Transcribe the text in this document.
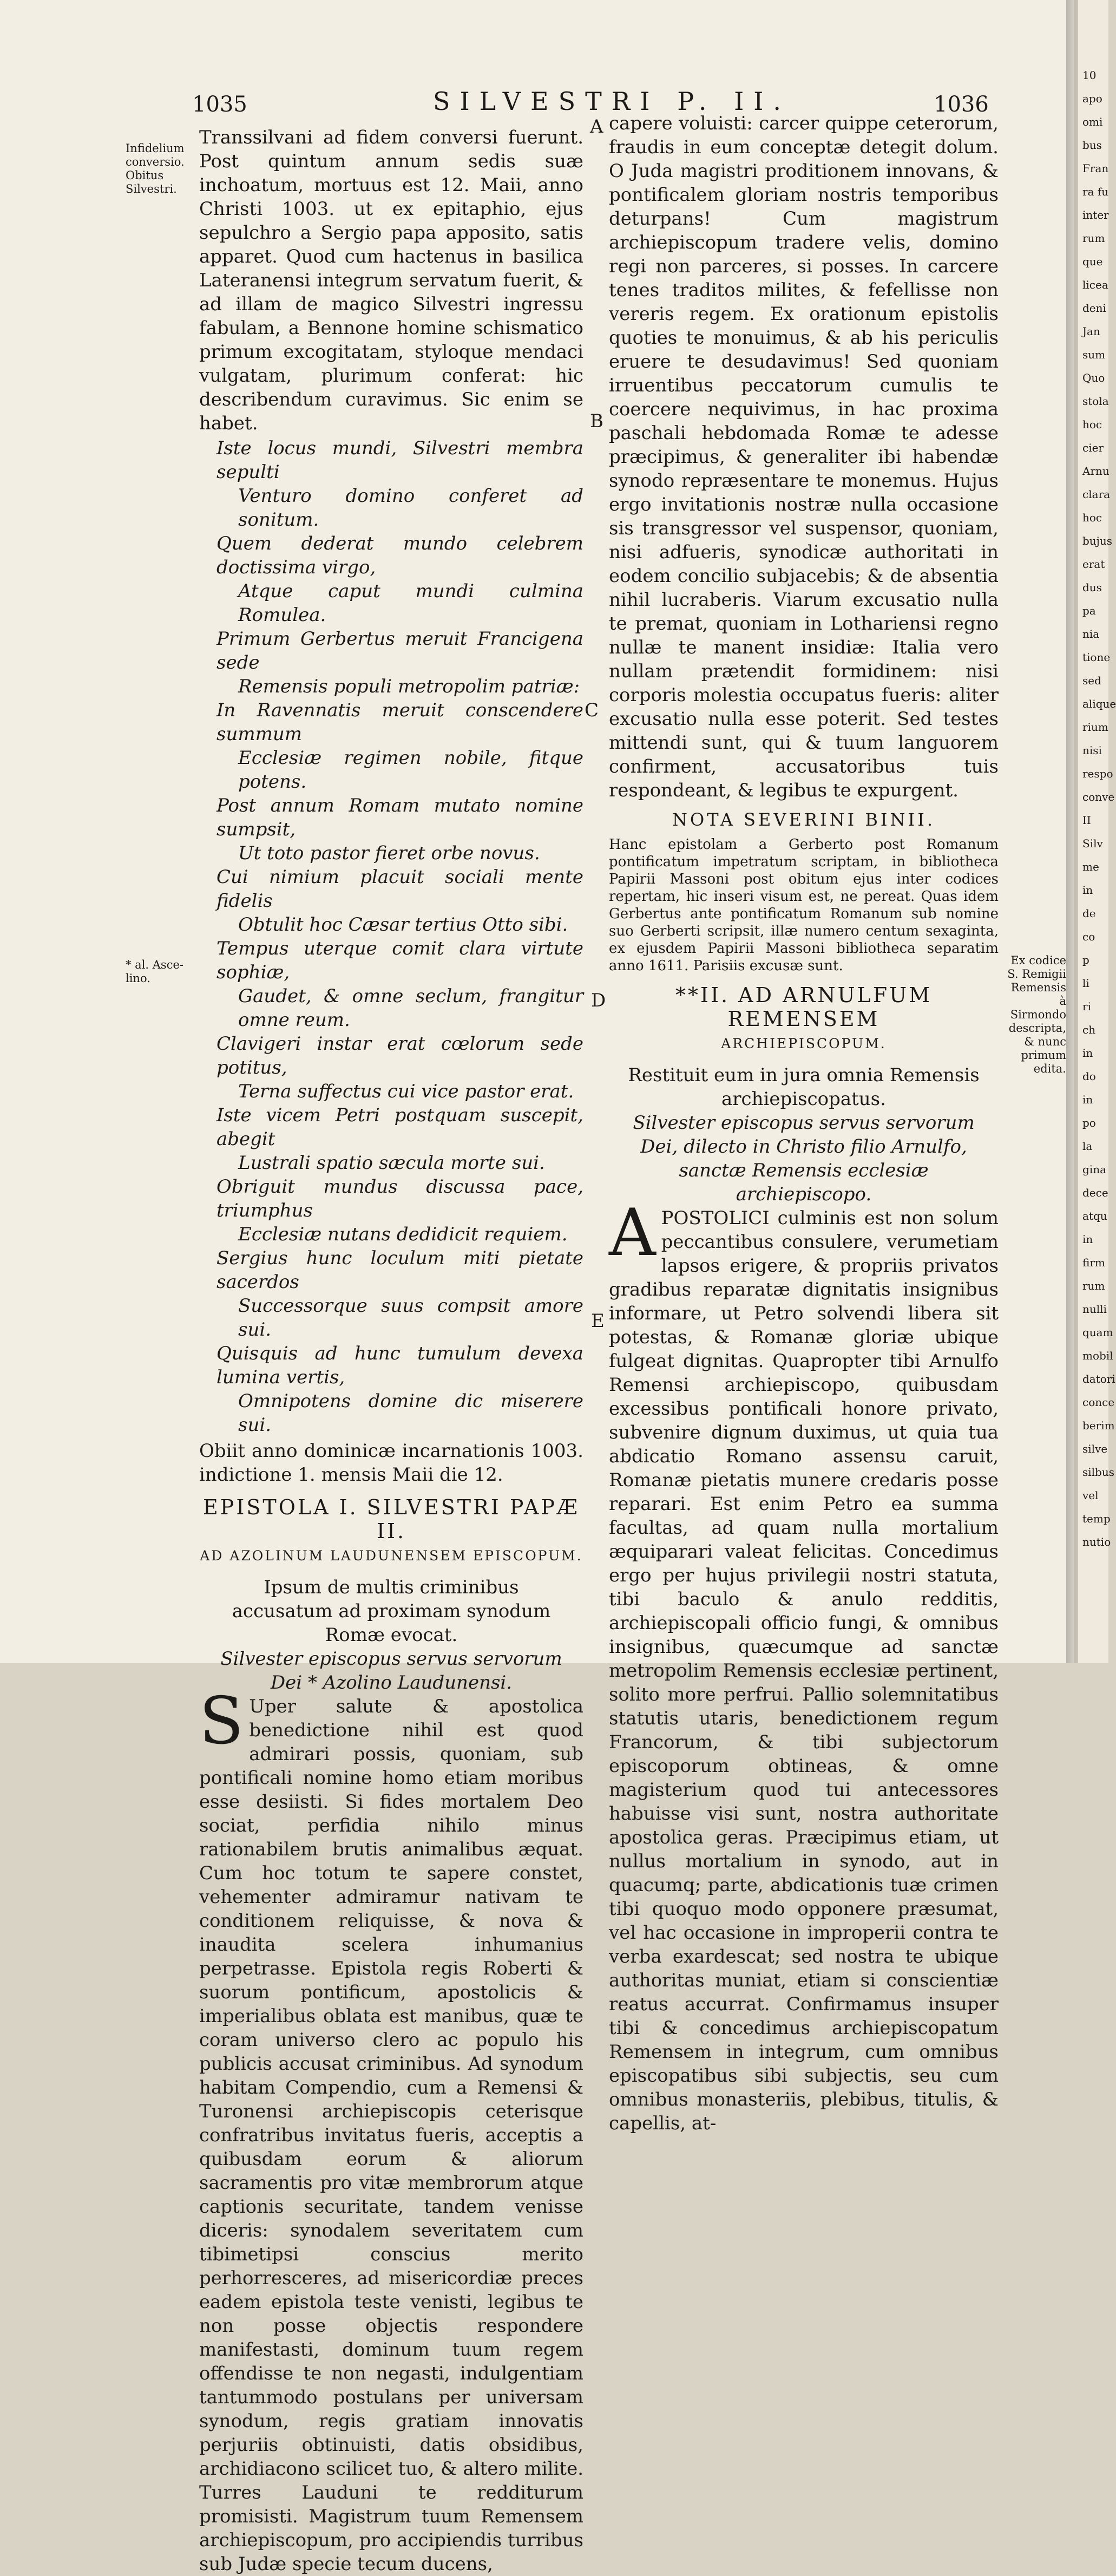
1035	SILVESTRI P. II.	1036
Infidelium conversio. Obitus Silvestri.
* al. Asce-lino.
Ex codice S. Remigii Remensis à Sirmondo descripta, & nunc primum edita.
A
B
C
D
E

Transsilvani ad fidem conversi fuerunt. Post quintum annum sedis suæ inchoatum, mortuus est 12. Maii, anno Christi 1003. ut ex epitaphio, ejus sepulchro a Sergio papa apposito, satis apparet. Quod cum hactenus in basilica Lateranensi integrum servatum fuerit, & ad illam de magico Silvestri ingressu fabulam, a Bennone homine schismatico primum excogitatam, styloque mendaci vulgatam, plurimum conferat: hic describendum curavimus. Sic enim se habet.

Iste locus mundi, Silvestri membra sepulti

Venturo domino conferet ad sonitum.

Quem dederat mundo celebrem doctissima virgo,

Atque caput mundi culmina Romulea.

Primum Gerbertus meruit Francigena sede

Remensis populi metropolim patriæ:

In Ravennatis meruit conscendere summum

Ecclesiæ regimen nobile, fitque potens.

Post annum Romam mutato nomine sumpsit,

Ut toto pastor fieret orbe novus.

Cui nimium placuit sociali mente fidelis

Obtulit hoc Cæsar tertius Otto sibi.

Tempus uterque comit clara virtute sophiæ,

Gaudet, & omne seclum, frangitur omne reum.

Clavigeri instar erat cœlorum sede potitus,

Terna suffectus cui vice pastor erat.

Iste vicem Petri postquam suscepit, abegit

Lustrali spatio sæcula morte sui.

Obriguit mundus discussa pace, triumphus

Ecclesiæ nutans dedidicit requiem.

Sergius hunc loculum miti pietate sacerdos

Successorque suus compsit amore sui.

Quisquis ad hunc tumulum devexa lumina vertis,

Omnipotens domine dic miserere sui.

Obiit anno dominicæ incarnationis 1003. indictione 1. mensis Maii die 12.

EPISTOLA I. SILVESTRI PAPÆ II.
AD AZOLINUM LAUDUNENSEM EPISCOPUM.

Ipsum de multis criminibus accusatum ad proximam synodum Romæ evocat.

Silvester episcopus servus servorum Dei * Azolino Laudunensi.

S Uper salute & apostolica benedictione nihil est quod admirari possis, quoniam, sub pontificali nomine homo etiam moribus esse desiisti. Si fides mortalem Deo sociat, perfidia nihilo minus rationabilem brutis animalibus æquat. Cum hoc totum te sapere constet, vehementer admiramur nativam te conditionem reliquisse, & nova & inaudita scelera inhumanius perpetrasse. Epistola regis Roberti & suorum pontificum, apostolicis & imperialibus oblata est manibus, quæ te coram universo clero ac populo his publicis accusat criminibus. Ad synodum habitam Compendio, cum a Remensi & Turonensi archiepiscopis ceterisque confratribus invitatus fueris, acceptis a quibusdam eorum & aliorum sacramentis pro vitæ membrorum atque captionis securitate, tandem venisse diceris: synodalem severitatem cum tibimetipsi conscius merito perhorresceres, ad misericordiæ preces eadem epistola teste venisti, legibus te non posse objectis respondere manifestasti, dominum tuum regem offendisse te non negasti, indulgentiam tantummodo postulans per universam synodum, regis gratiam innovatis perjuriis obtinuisti, datis obsidibus, archidiacono scilicet tuo, & altero milite. Turres Lauduni te redditurum promisisti. Magistrum tuum Remensem archiepiscopum, pro accipiendis turribus sub Judæ specie tecum ducens,

capere voluisti: carcer quippe ceterorum, fraudis in eum conceptæ detegit dolum. O Juda magistri proditionem innovans, & pontificalem gloriam nostris temporibus deturpans! Cum magistrum archiepiscopum tradere velis, domino regi non parceres, si posses. In carcere tenes traditos milites, & fefellisse non vereris regem. Ex orationum epistolis quoties te monuimus, & ab his periculis eruere te desudavimus! Sed quoniam irruentibus peccatorum cumulis te coercere nequivimus, in hac proxima paschali hebdomada Romæ te adesse præcipimus, & generaliter ibi habendæ synodo repræsentare te monemus. Hujus ergo invitationis nostræ nulla occasione sis transgressor vel suspensor, quoniam, nisi adfueris, synodicæ authoritati in eodem concilio subjacebis; & de absentia nihil lucraberis. Viarum excusatio nulla te premat, quoniam in Lothariensi regno nullæ te manent insidiæ: Italia vero nullam prætendit formidinem: nisi corporis molestia occupatus fueris: aliter excusatio nulla esse poterit. Sed testes mittendi sunt, qui & tuum languorem confirment, accusatoribus tuis respondeant, & legibus te expurgent.

NOTA SEVERINI BINII.

Hanc epistolam a Gerberto post Romanum pontificatum impetratum scriptam, in bibliotheca Papirii Massoni post obitum ejus inter codices repertam, hic inseri visum est, ne pereat. Quas idem Gerbertus ante pontificatum Romanum sub nomine suo Gerberti scripsit, illæ numero centum sexaginta, ex ejusdem Papirii Massoni bibliotheca separatim anno 1611. Parisiis excusæ sunt.

**II. AD ARNULFUM REMENSEM
ARCHIEPISCOPUM.

Restituit eum in jura omnia Remensis archiepiscopatus.

Silvester episcopus servus servorum Dei, dilecto in Christo filio Arnulfo, sanctæ Remensis ecclesiæ archiepiscopo.

APOSTOLICI culminis est non solum peccantibus consulere, verumetiam lapsos erigere, & propriis privatos gradibus reparatæ dignitatis insignibus informare, ut Petro solvendi libera sit potestas, & Romanæ gloriæ ubique fulgeat dignitas. Quapropter tibi Arnulfo Remensi archiepiscopo, quibusdam excessibus pontificali honore privato, subvenire dignum duximus, ut quia tua abdicatio Romano assensu caruit, Romanæ pietatis munere credaris posse reparari. Est enim Petro ea summa facultas, ad quam nulla mortalium æquiparari valeat felicitas. Concedimus ergo per hujus privilegii nostri statuta, tibi baculo & anulo redditis, archiepiscopali officio fungi, & omnibus insignibus, quæcumque ad sanctæ metropolim Remensis ecclesiæ pertinent, solito more perfrui. Pallio solemnitatibus statutis utaris, benedictionem regum Francorum, & tibi subjectorum episcoporum obtineas, & omne magisterium quod tui antecessores habuisse visi sunt, nostra authoritate apostolica geras. Præcipimus etiam, ut nullus mortalium in synodo, aut in quacumq; parte, abdicationis tuæ crimen tibi quoquo modo opponere præsumat, vel hac occasione in improperii contra te verba exardescat; sed nostra te ubique authoritas muniat, etiam si conscientiæ reatus accurrat. Confirmamus insuper tibi & concedimus archiepiscopatum Remensem in integrum, cum omnibus episcopatibus sibi subjectis, seu cum omnibus monasteriis, plebibus, titulis, & capellis, at-

10
apo
omi
bus
Fran
ra fu
inter
rum
que
licea
deni
Jan
sum
Quo
stola
hoc
cier
Arnu
clara
hoc
bujus
erat
dus
pa
nia
tione
sed
alique
rium
nisi
respo
conve
II
Silv
me
in
de
co
p
li
ri
ch
in
do
in
po
la
gina
dece
atqu
in
firm
rum
nulli
quam
mobil
datori
conce
berim
silve
silbus
vel
temp
nutio
